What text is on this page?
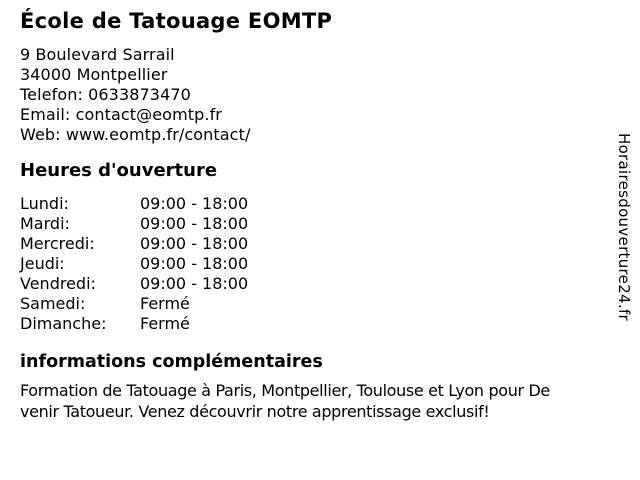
École de Tatouage EOMTP
9 Boulevard Sarrail
34000 Montpellier
Telefon: 0633873470
Email: contact@eomtp.fr
Web: www.eomtp.fr/contact/
Heures d'ouverture
Lundi:	09:00 - 18:00
Mardi:	09:00 - 18:00
Mercredi:	09:00 - 18:00
Jeudi:	09:00 - 18:00
Vendredi:	09:00 - 18:00
Samedi:	Fermé
Dimanche: Fermé
informations complémentaires
Formation de Tatouage à Paris, Montpellier, Toulouse et Lyon pour De
venir Tatoueur. Venez découvrir notre apprentissage exclusif!
Horairesdouverture24.fr
